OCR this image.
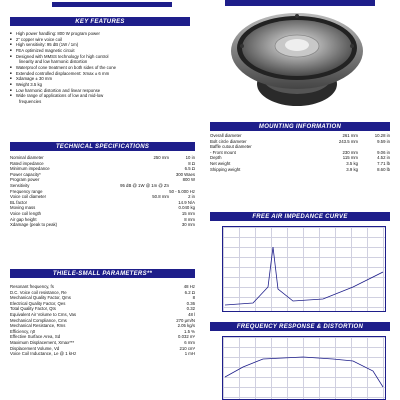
KEY FEATURES
■ High power handling: 800 W program power
■ 2" copper wire voice coil
■ High sensitivity: 95 dB (1W / 1m)
■ FEA optimized magnetic circuit
■ Designed with MMSS technology for high control
linearity and low harmonic distortion
■ Waterproof cone treatment on both sides of the cone
■ Extended controlled displacement: Xmax ± 6 mm
■ Xdamage ± 30 mm
■ Weight 3.5 kg
■ Low harmonic distortion and linear response
■ Wide range of applications of low and mid-low
frequencies
TECHNICAL SPECIFICATIONS
Nominal diameter	250 mm	10 in
Rated impedance	8 Ω
Minimum impedance	6.5 Ω
Power capacity*	300 Waes
Program power	800 W
Sensitivity	95 dB @ 1W @ 1m @ Zn
Frequency range	50 - 5.000 Hz
Voice coil diameter	50.8 mm	2 in
BL factor	14.9 N/A
Moving mass	0.040 kg
Voice coil length	15 mm
Air gap height	8 mm
Xdamage (peak to peak)	30 mm
THIELE-SMALL PARAMETERS**
Resonant frequency, fs	48 Hz
D.C. Voice coil resistance, Re	6.2 Ω
Mechanical Quality Factor, Qms	8
Electrical Quality Factor, Qes	0.36
Total Quality Factor, Qts	0.32
Equivalent Air Volume to Cms, Vas	48 l
Mechanical Compliance, Cms	270 μm/N
Mechanical Resistance, Rms	2.05 kg/s
Efficiency, η0	1.5 %
Effective Surface Area, Sd	0.032 m²
Maximum Displacement, Xmax***	6 mm
Displacement Volume, Vd	210 cm³
Voice Coil Inductance, Le @ 1 kHz	1 mH
MOUNTING INFORMATION
Overall diameter	261 mm	10.28 in
Bolt circle diameter	243.5 mm	9.59 in
Baffle cutout diameter
- Front mount	230 mm	9.06 in
Depth	115 mm	4.52 in
Net weight	3.5 kg	7.71 lb
Shipping weight	3.9 kg	8.60 lb
FREE AIR IMPEDANCE CURVE
FREQUENCY RESPONSE & DISTORTION
